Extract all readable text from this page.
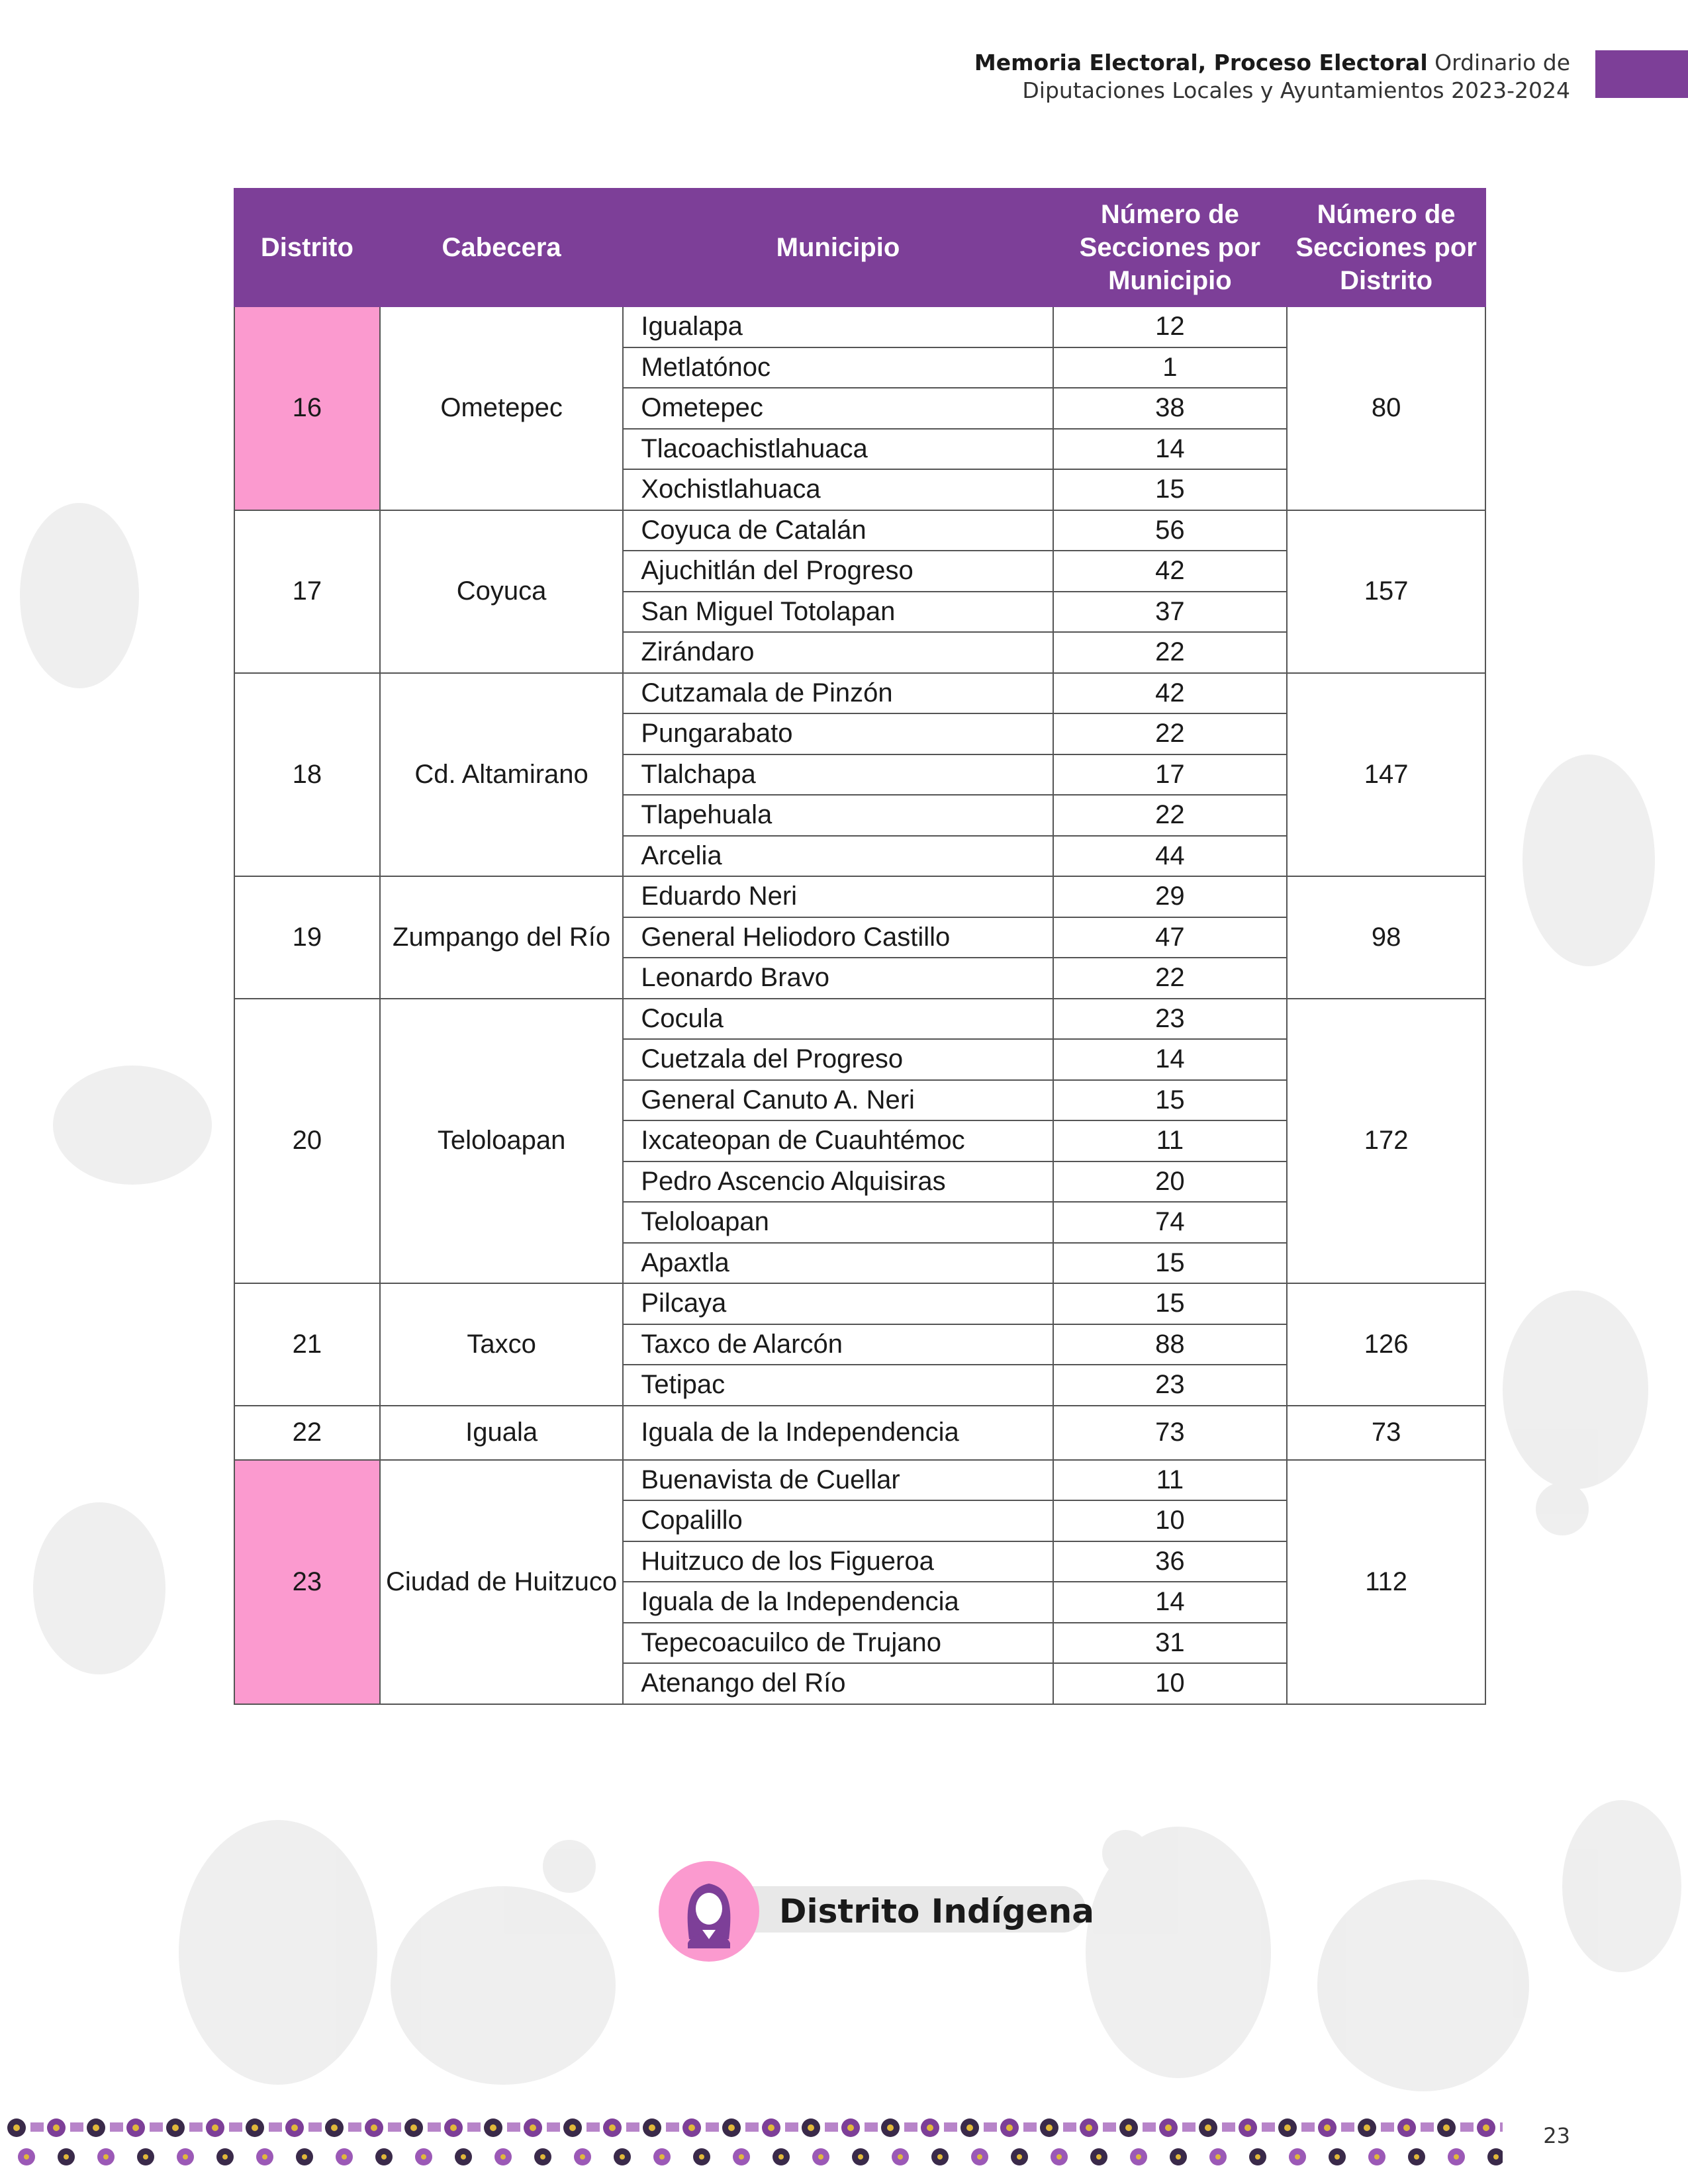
Memoria Electoral, Proceso Electoral Ordinario de
Diputaciones Locales y Ayuntamientos 2023-2024
Distrito	Cabecera	Municipio	Número de Secciones por Municipio	Número de Secciones por Distrito
16	Ometepec	Igualapa	12	80
		Metlatónoc	1	
		Ometepec	38	
		Tlacoachistlahuaca	14	
		Xochistlahuaca	15	
17	Coyuca	Coyuca de Catalán	56	157
		Ajuchitlán del Progreso	42	
		San Miguel Totolapan	37	
		Zirándaro	22	
18	Cd. Altamirano	Cutzamala de Pinzón	42	147
		Pungarabato	22	
		Tlalchapa	17	
		Tlapehuala	22	
		Arcelia	44	
19	Zumpango del Río	Eduardo Neri	29	98
		General Heliodoro Castillo	47	
		Leonardo Bravo	22	
20	Teloloapan	Cocula	23	172
		Cuetzala del Progreso	14	
		General Canuto A. Neri	15	
		Ixcateopan de Cuauhtémoc	11	
		Pedro Ascencio Alquisiras	20	
		Teloloapan	74	
		Apaxtla	15	
21	Taxco	Pilcaya	15	126
		Taxco de Alarcón	88	
		Tetipac	23	
22	Iguala	Iguala de la Independencia	73	73
23	Ciudad de Huitzuco	Buenavista de Cuellar	11	112
		Copalillo	10	
		Huitzuco de los Figueroa	36	
		Iguala de la Independencia	14	
		Tepecoacuilco de Trujano	31	
		Atenango del Río	10	
Distrito Indígena
23
